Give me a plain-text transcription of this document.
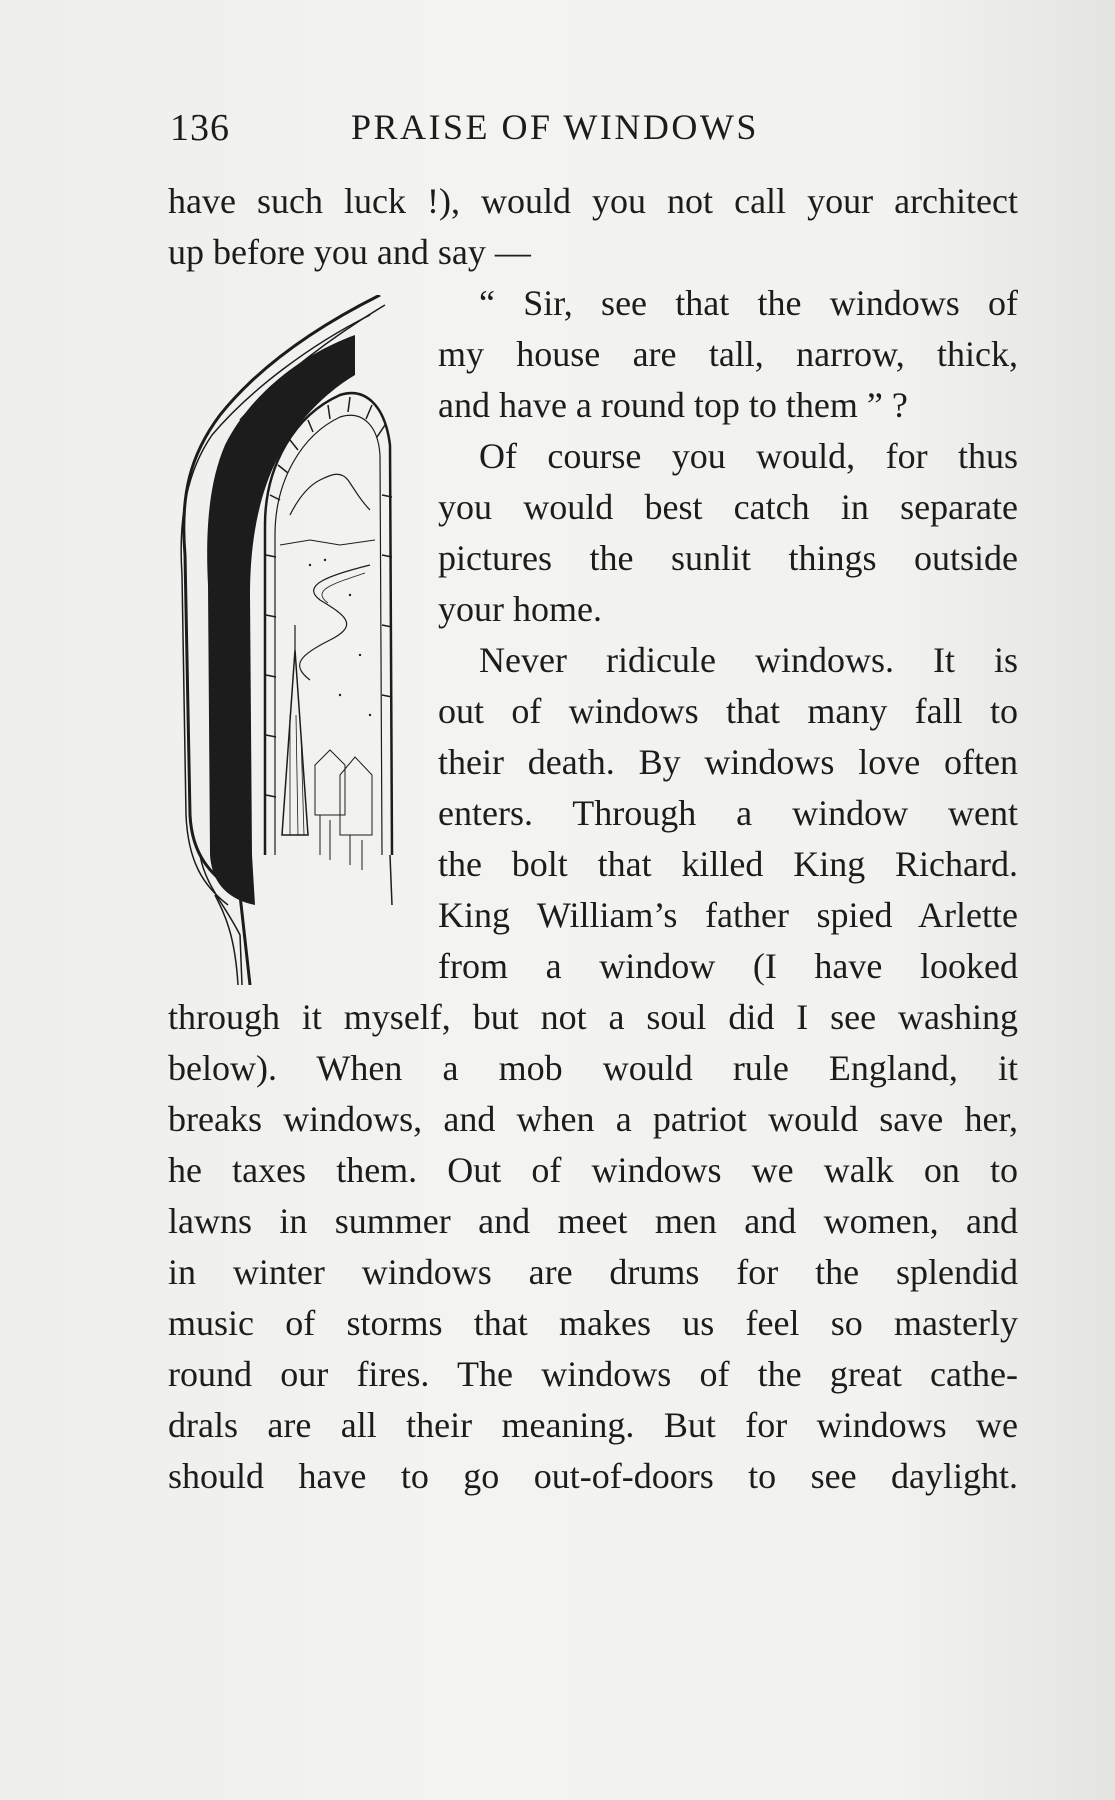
136	PRAISE OF WINDOWS
have such luck !), would you not call your architect
up before you and say —
“ Sir, see that the windows of
my house are tall, narrow, thick,
and have a round top to them ” ?
Of course you would, for thus
you would best catch in separate
pictures the sunlit things outside
your home.
Never ridicule windows. It is
out of windows that many fall to
their death. By windows love often
enters. Through a window went
the bolt that killed King Richard.
King William’s father spied Arlette
from a window (I have looked
through it myself, but not a soul did I see washing
below). When a mob would rule England, it
breaks windows, and when a patriot would save her,
he taxes them. Out of windows we walk on to
lawns in summer and meet men and women, and
in winter windows are drums for the splendid
music of storms that makes us feel so masterly
round our fires. The windows of the great cathe-
drals are all their meaning. But for windows we
should have to go out-of-doors to see daylight.
